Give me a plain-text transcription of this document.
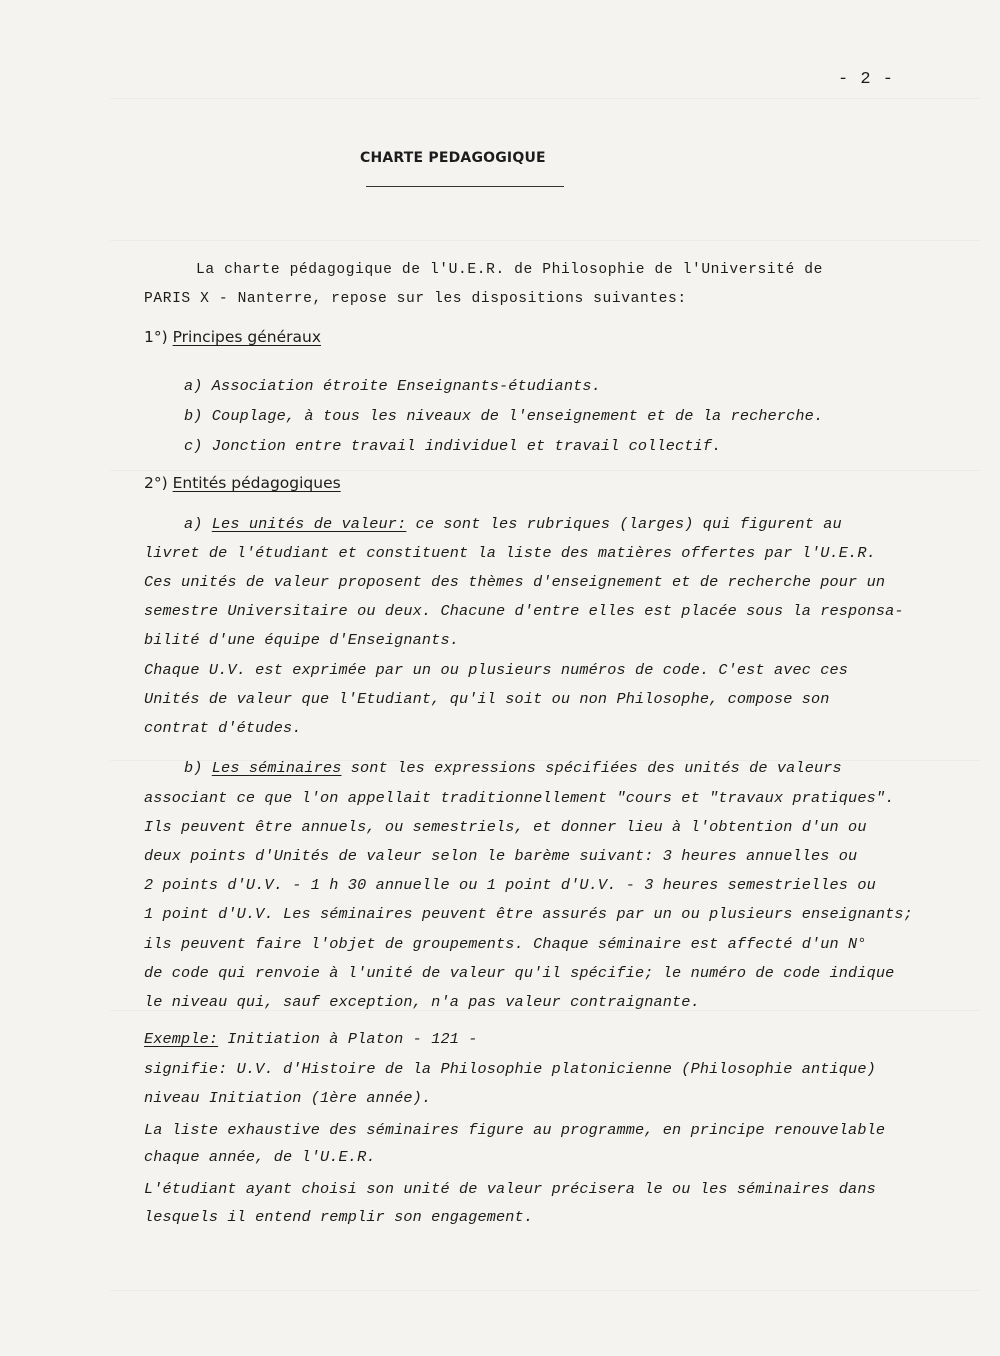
- 2 -
CHARTE PEDAGOGIQUE
La charte pédagogique de l'U.E.R. de Philosophie de l'Université de
PARIS X - Nanterre, repose sur les dispositions suivantes:
1°) Principes généraux
a) Association étroite Enseignants-étudiants.
b) Couplage, à tous les niveaux de l'enseignement et de la recherche.
c) Jonction entre travail individuel et travail collectif.
2°) Entités pédagogiques
a) Les unités de valeur: ce sont les rubriques (larges) qui figurent au
livret de l'étudiant et constituent la liste des matières offertes par l'U.E.R.
Ces unités de valeur proposent des thèmes d'enseignement et de recherche pour un
semestre Universitaire ou deux. Chacune d'entre elles est placée sous la responsa-
bilité d'une équipe d'Enseignants.
Chaque U.V. est exprimée par un ou plusieurs numéros de code. C'est avec ces
Unités de valeur que l'Etudiant, qu'il soit ou non Philosophe, compose son
contrat d'études.
b) Les séminaires sont les expressions spécifiées des unités de valeurs
associant ce que l'on appellait traditionnellement "cours et "travaux pratiques".
Ils peuvent être annuels, ou semestriels, et donner lieu à l'obtention d'un ou
deux points d'Unités de valeur selon le barème suivant: 3 heures annuelles ou
2 points d'U.V. - 1 h 30 annuelle ou 1 point d'U.V. - 3 heures semestrielles ou
1 point d'U.V. Les séminaires peuvent être assurés par un ou plusieurs enseignants;
ils peuvent faire l'objet de groupements. Chaque séminaire est affecté d'un N°
de code qui renvoie à l'unité de valeur qu'il spécifie; le numéro de code indique
le niveau qui, sauf exception, n'a pas valeur contraignante.
Exemple: Initiation à Platon - 121 -
signifie: U.V. d'Histoire de la Philosophie platonicienne (Philosophie antique)
niveau Initiation (1ère année).
La liste exhaustive des séminaires figure au programme, en principe renouvelable
chaque année, de l'U.E.R.
L'étudiant ayant choisi son unité de valeur précisera le ou les séminaires dans
lesquels il entend remplir son engagement.
